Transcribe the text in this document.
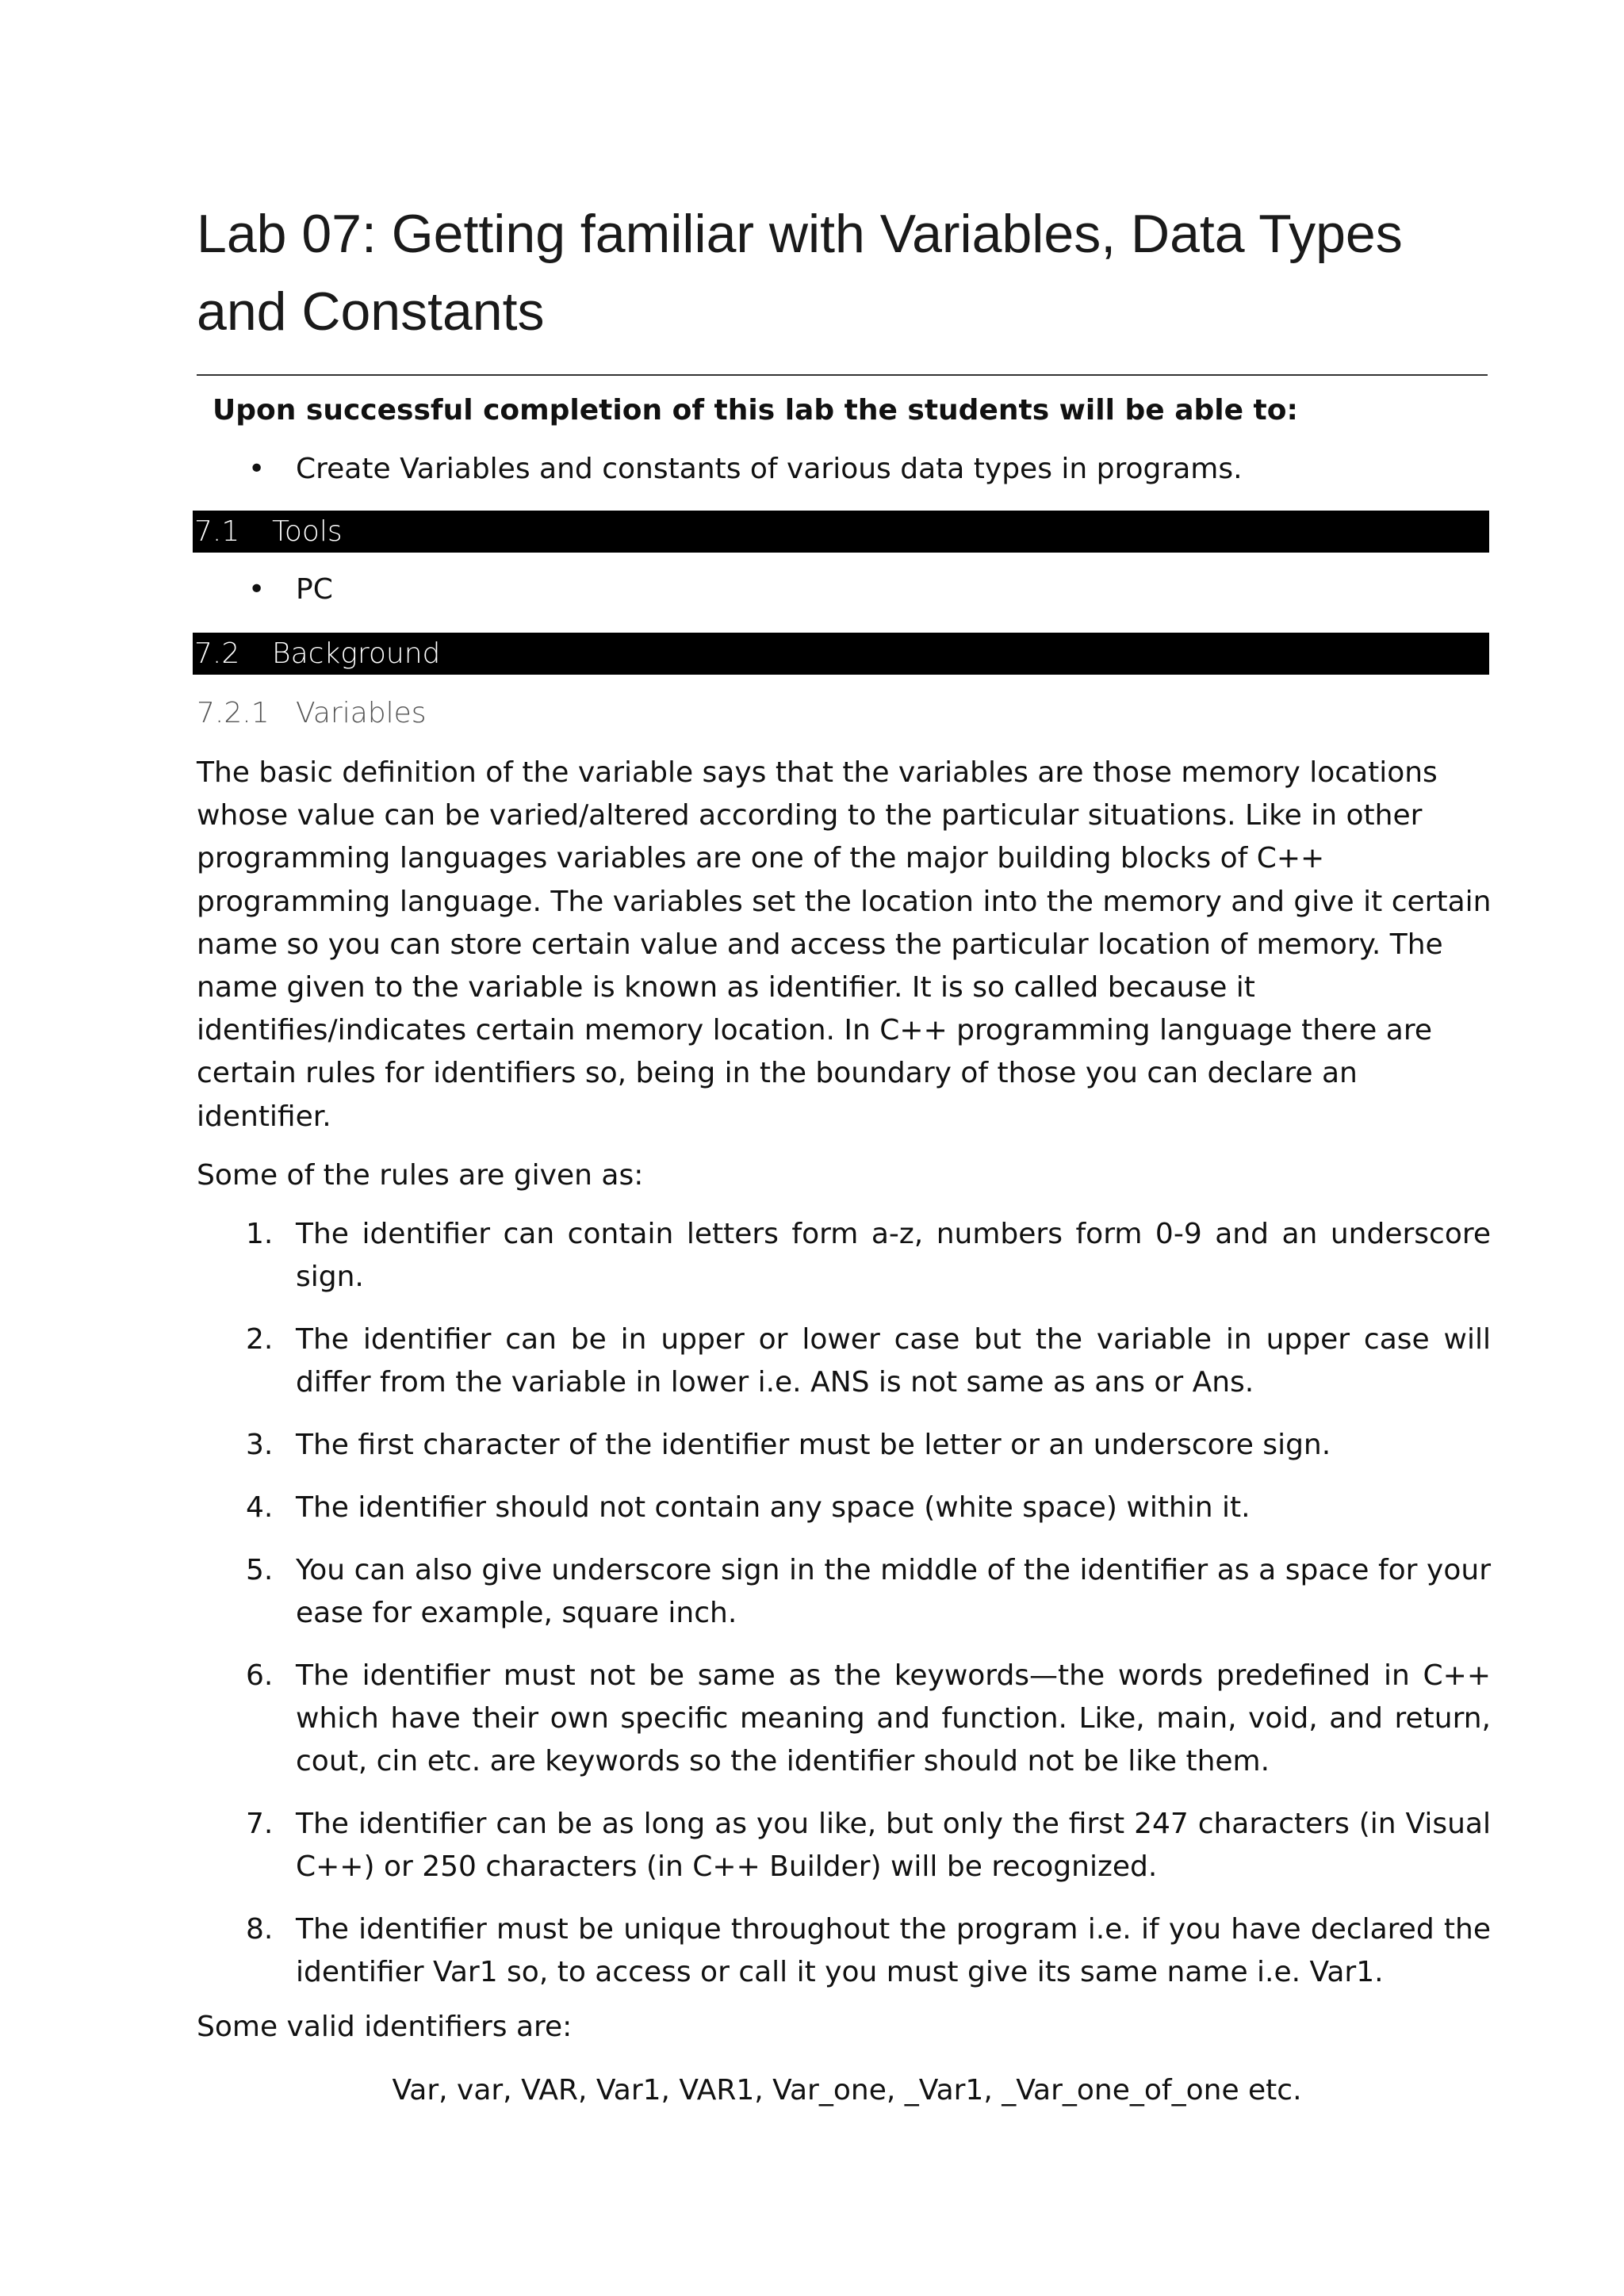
Lab 07: Getting familiar with Variables, Data Types and Constants
Upon successful completion of this lab the students will be able to:
• Create Variables and constants of various data types in programs.
7.1 Tools
• PC
7.2 Background
7.2.1 Variables

The basic definition of the variable says that the variables are those memory locations whose value can be varied/altered according to the particular situations. Like in other programming languages variables are one of the major building blocks of C++ programming language. The variables set the location into the memory and give it certain name so you can store certain value and access the particular location of memory. The name given to the variable is known as identifier. It is so called because it identifies/indicates certain memory location. In C++ programming language there are certain rules for identifiers so, being in the boundary of those you can declare an identifier.

Some of the rules are given as:

1. The identifier can contain letters form a-z, numbers form 0-9 and an underscore sign.
2. The identifier can be in upper or lower case but the variable in upper case will differ from the variable in lower i.e. ANS is not same as ans or Ans.
3. The first character of the identifier must be letter or an underscore sign.
4. The identifier should not contain any space (white space) within it.
5. You can also give underscore sign in the middle of the identifier as a space for your ease for example, square inch.
6. The identifier must not be same as the keywords—the words predefined in C++ which have their own specific meaning and function. Like, main, void, and return, cout, cin etc. are keywords so the identifier should not be like them.
7. The identifier can be as long as you like, but only the first 247 characters (in Visual C++) or 250 characters (in C++ Builder) will be recognized.
8. The identifier must be unique throughout the program i.e. if you have declared the identifier Var1 so, to access or call it you must give its same name i.e. Var1.

Some valid identifiers are:

Var, var, VAR, Var1, VAR1, Var_one, _Var1, _Var_one_of_one etc.
